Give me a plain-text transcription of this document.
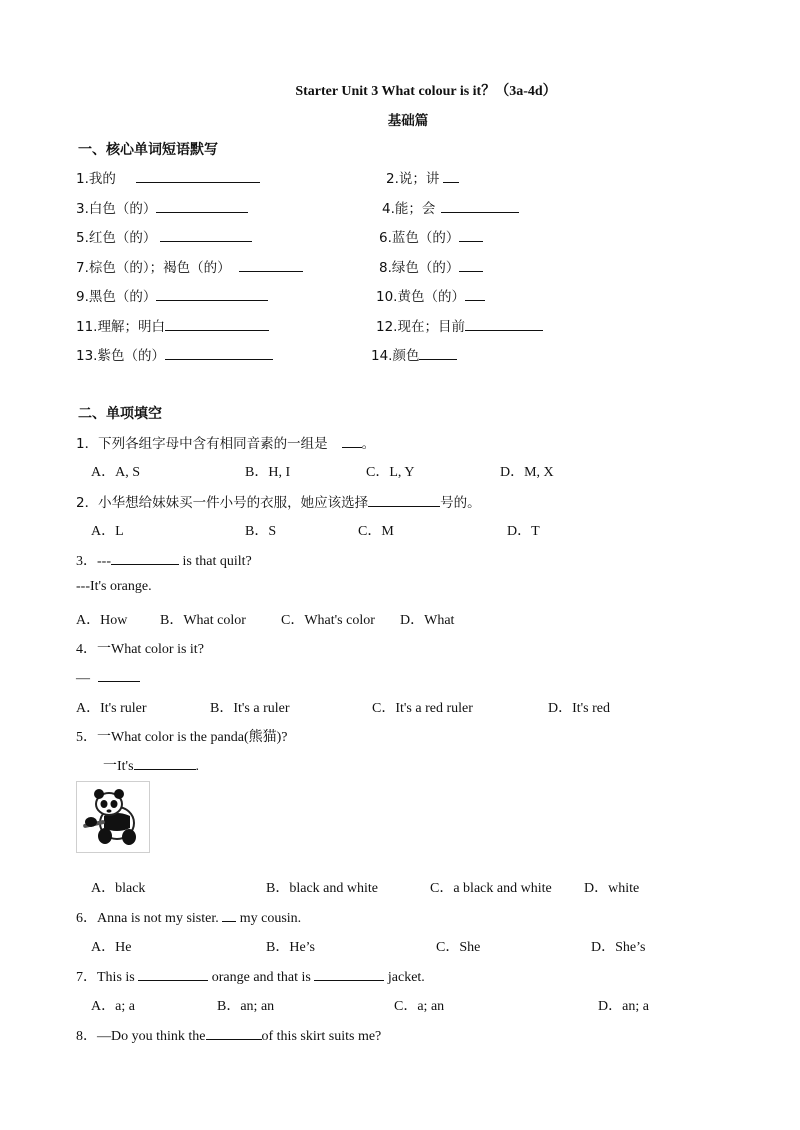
Starter Unit 3 What colour is it？（3a-4d）
基础篇
一、核心单词短语默写
1.我的	2.说；讲
3.白色（的）	4.能；会
5.红色（的）	6.蓝色（的）
7.棕色（的）；褐色（的）	8.绿色（的）
9.黑色（的）	10.黄色（的）
11.理解；明白	12.现在；目前
13.紫色（的）	14.颜色
二、单项填空
1．下列各组字母中含有相同音素的一组是	。
A．A, S	B．H, I	C．L, Y	D．M, X
2．小华想给妹妹买一件小号的衣服，她应该选择	号的。
A．L	B．S	C．M	D．T
3．---	is that quilt?
---It's orange.
A．How B．What color	C．What's color D．What
4．一What color is it?
—
A．It's ruler	B．It's a ruler	C．It's a red ruler	D．It's red
5．一What color is the panda(熊猫)?
一It's	.
A．black	B．black and white	C．a black and white D．white
6．Anna is not my sister.  my cousin.
A．He	B．He’s	C．She	D．She’s
7．This is	orange and that is	jacket.
A．a; a	B．an; an	C．a; an	D．an; a
8．—Do you think the	of this skirt suits me?
